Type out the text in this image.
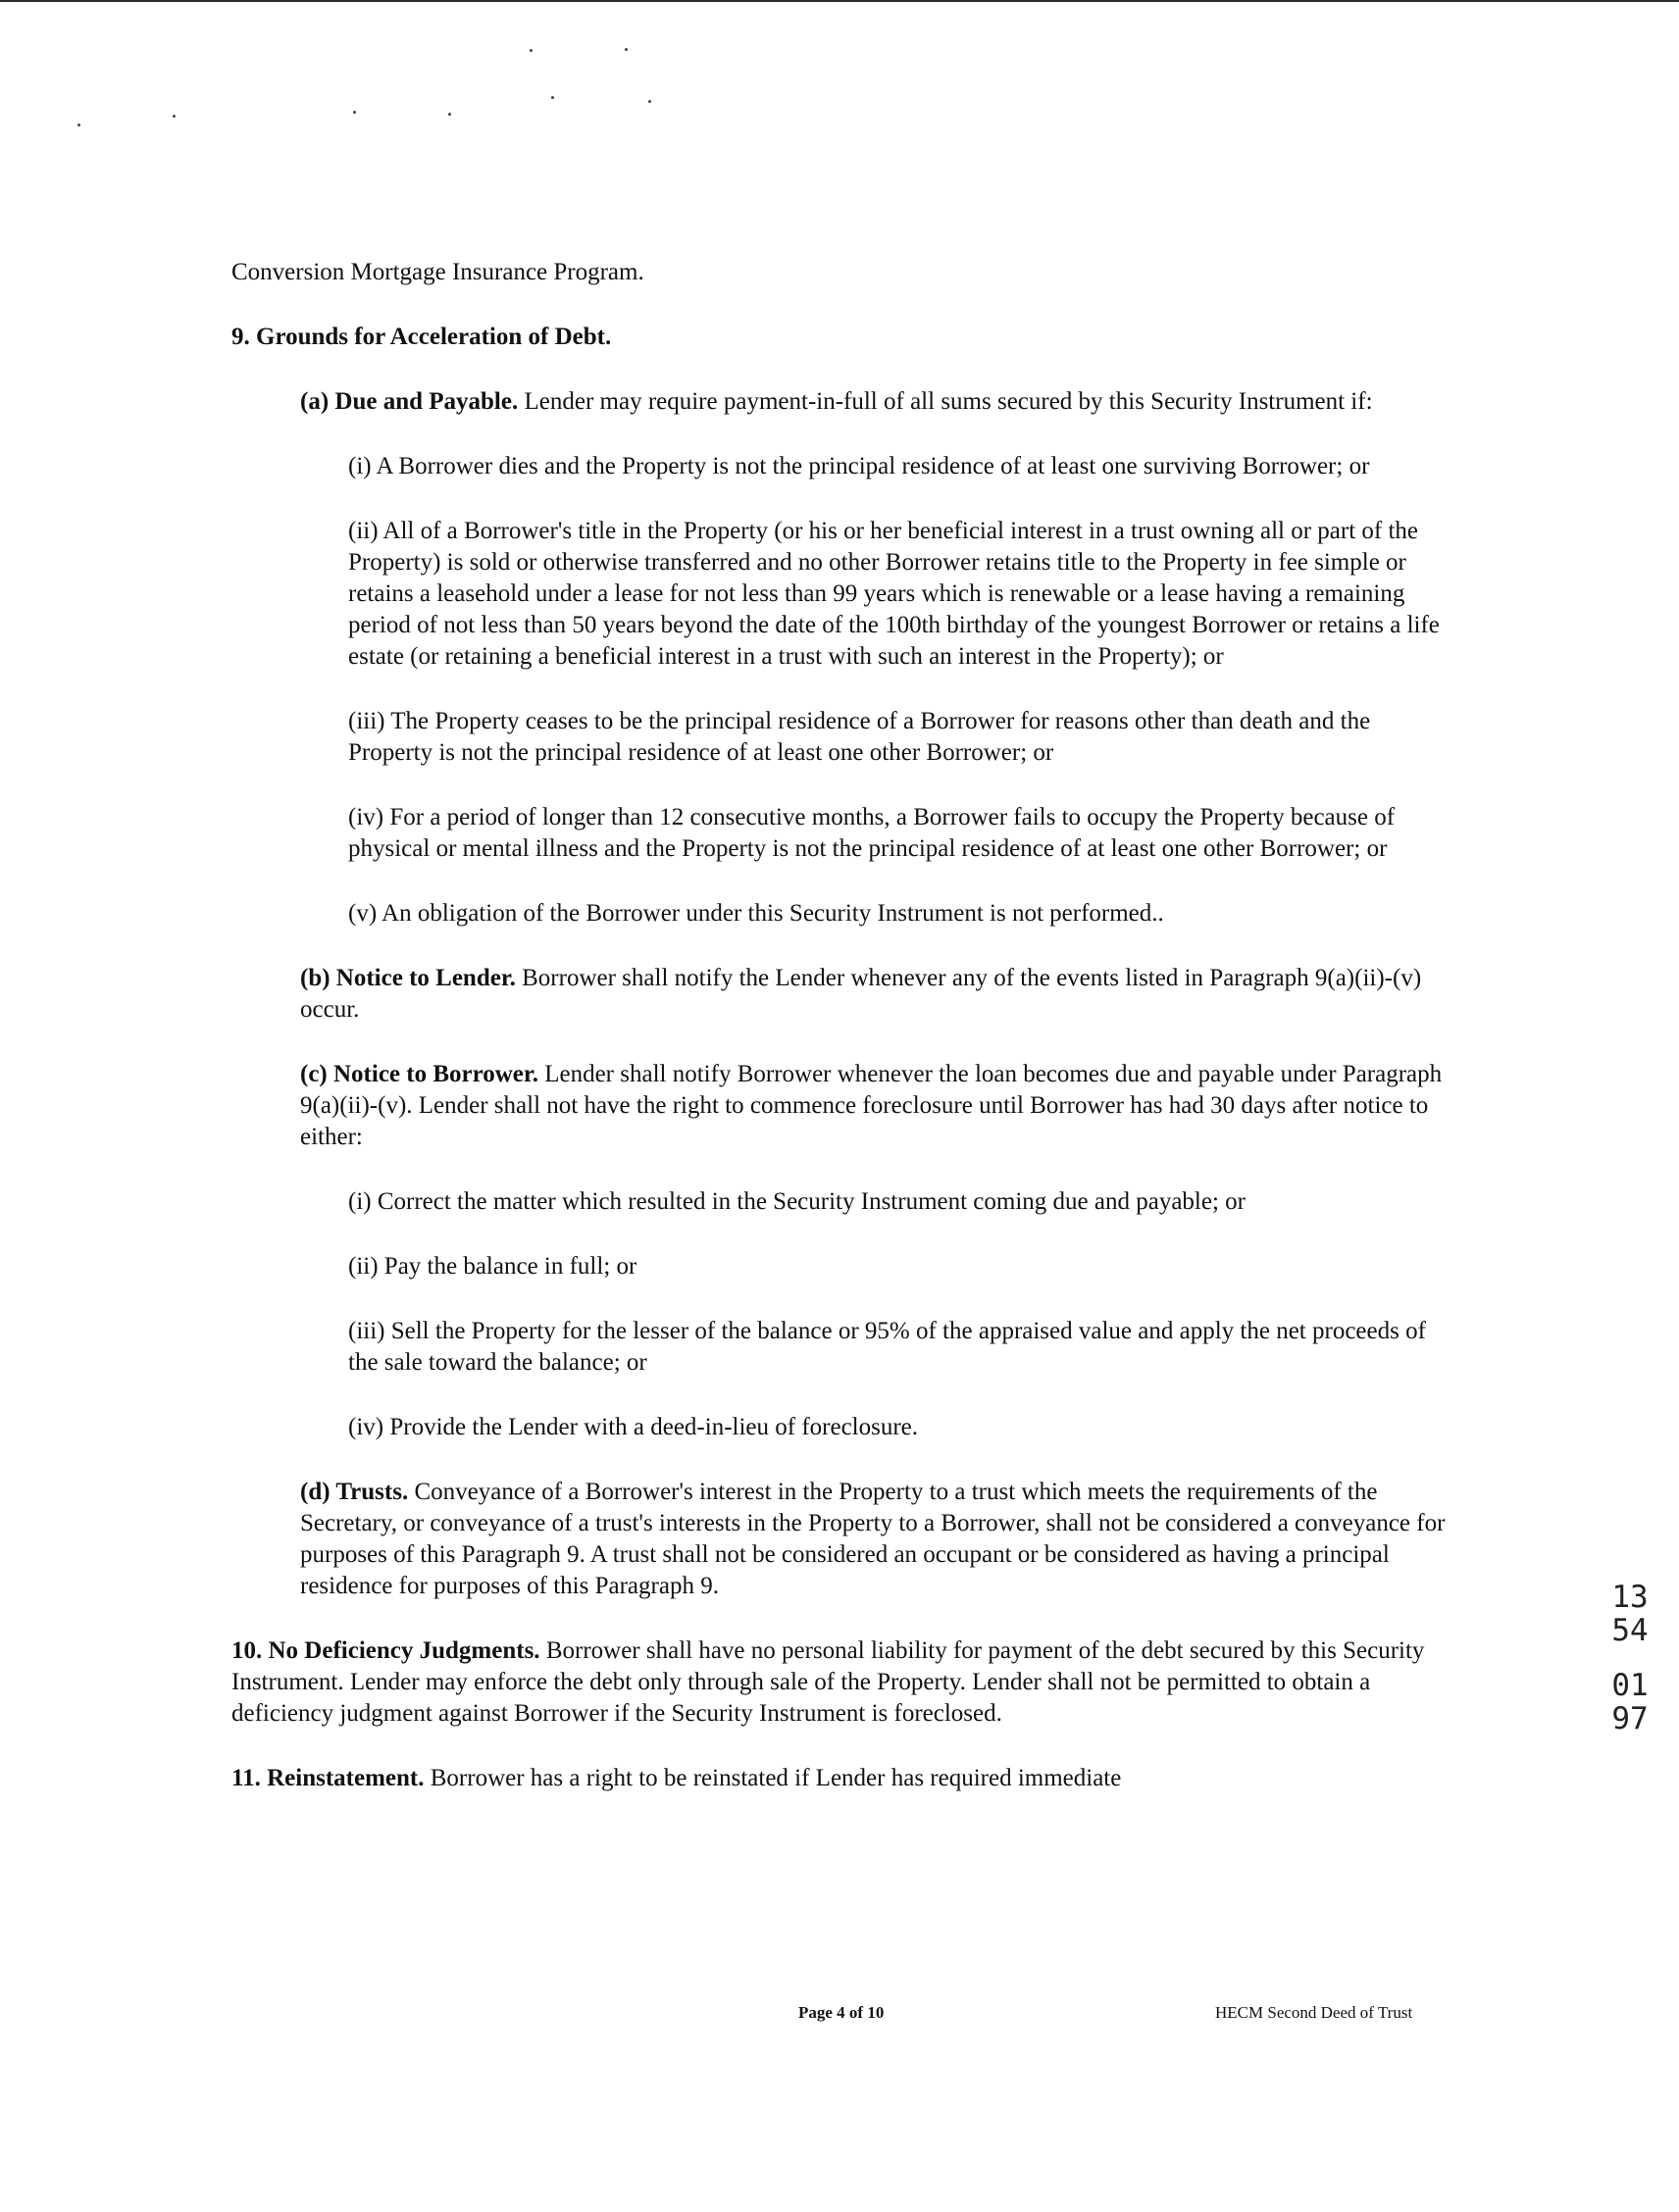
Conversion Mortgage Insurance Program.

9. Grounds for Acceleration of Debt.

(a) Due and Payable. Lender may require payment-in-full of all sums secured by this Security Instrument if:

(i) A Borrower dies and the Property is not the principal residence of at least one surviving Borrower; or

(ii) All of a Borrower's title in the Property (or his or her beneficial interest in a trust owning all or part of the Property) is sold or otherwise transferred and no other Borrower retains title to the Property in fee simple or retains a leasehold under a lease for not less than 99 years which is renewable or a lease having a remaining period of not less than 50 years beyond the date of the 100th birthday of the youngest Borrower or retains a life estate (or retaining a beneficial interest in a trust with such an interest in the Property); or

(iii) The Property ceases to be the principal residence of a Borrower for reasons other than death and the Property is not the principal residence of at least one other Borrower; or

(iv) For a period of longer than 12 consecutive months, a Borrower fails to occupy the Property because of physical or mental illness and the Property is not the principal residence of at least one other Borrower; or

(v) An obligation of the Borrower under this Security Instrument is not performed..

(b) Notice to Lender. Borrower shall notify the Lender whenever any of the events listed in Paragraph 9(a)(ii)-(v) occur.

(c) Notice to Borrower. Lender shall notify Borrower whenever the loan becomes due and payable under Paragraph 9(a)(ii)-(v). Lender shall not have the right to commence foreclosure until Borrower has had 30 days after notice to either:

(i) Correct the matter which resulted in the Security Instrument coming due and payable; or

(ii) Pay the balance in full; or

(iii) Sell the Property for the lesser of the balance or 95% of the appraised value and apply the net proceeds of the sale toward the balance; or

(iv) Provide the Lender with a deed-in-lieu of foreclosure.

(d) Trusts. Conveyance of a Borrower's interest in the Property to a trust which meets the requirements of the Secretary, or conveyance of a trust's interests in the Property to a Borrower, shall not be considered a conveyance for purposes of this Paragraph 9. A trust shall not be considered an occupant or be considered as having a principal residence for purposes of this Paragraph 9.

10. No Deficiency Judgments. Borrower shall have no personal liability for payment of the debt secured by this Security Instrument. Lender may enforce the debt only through sale of the Property. Lender shall not be permitted to obtain a deficiency judgment against Borrower if the Security Instrument is foreclosed.

11. Reinstatement. Borrower has a right to be reinstated if Lender has required immediate

Page 4 of 10	HECM Second Deed of Trust
1354
0197
